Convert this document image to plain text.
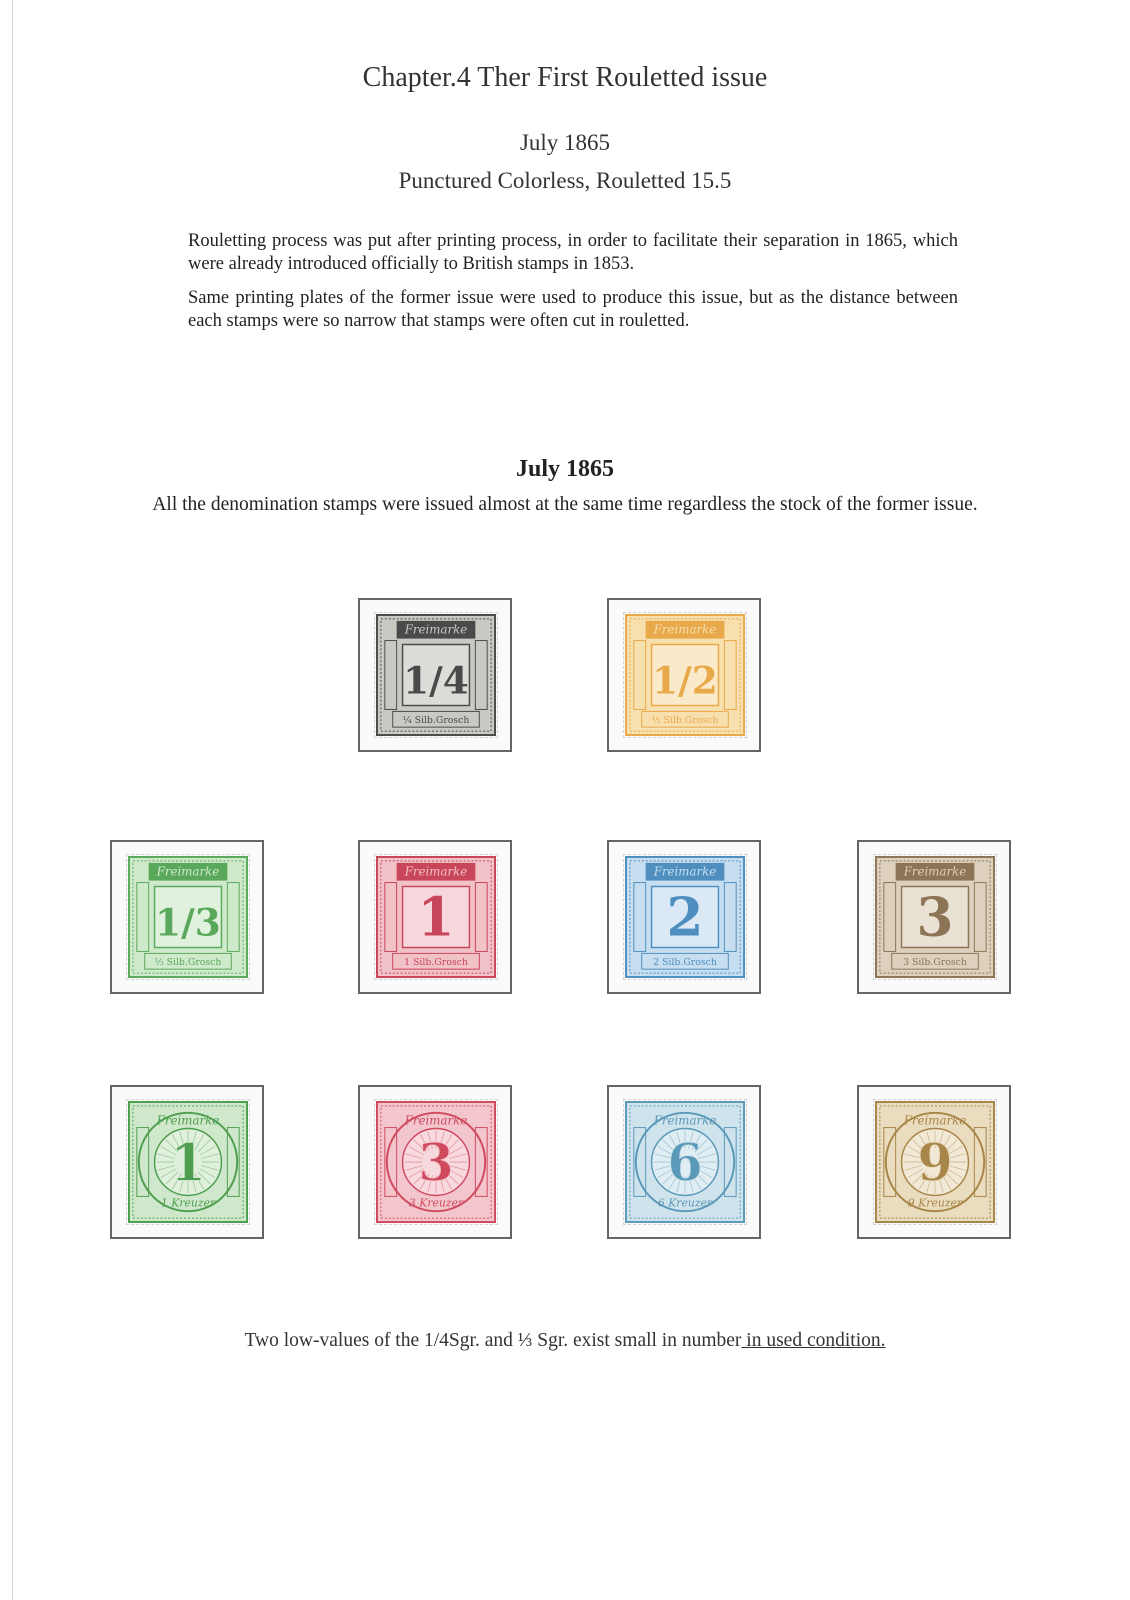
Chapter.4 Ther First Rouletted issue
July 1865
Punctured Colorless, Rouletted 15.5
Rouletting process was put after printing process, in order to facilitate their separation in 1865, which were already introduced officially to British stamps in 1853.
Same printing plates of the former issue were used to produce this issue, but as the distance between each stamps were so narrow that stamps were often cut in rouletted.
July 1865
All the denomination stamps were issued almost at the same time regardless the stock of the former issue.
Freimarke
1/4
¼ Silb.Grosch
Freimarke
1/2
½ Silb.Grosch
Freimarke
1/3
⅓ Silb.Grosch
Freimarke
1
1 Silb.Grosch
Freimarke
2
2 Silb.Grosch
Freimarke
3
3 Silb.Grosch
Freimarke
1
1 Kreuzer
Freimarke
3
3 Kreuzer
Freimarke
6
6 Kreuzer
Freimarke
9
9 Kreuzer
Two low-values of the 1/4Sgr. and ⅓ Sgr. exist small in number in used condition.
